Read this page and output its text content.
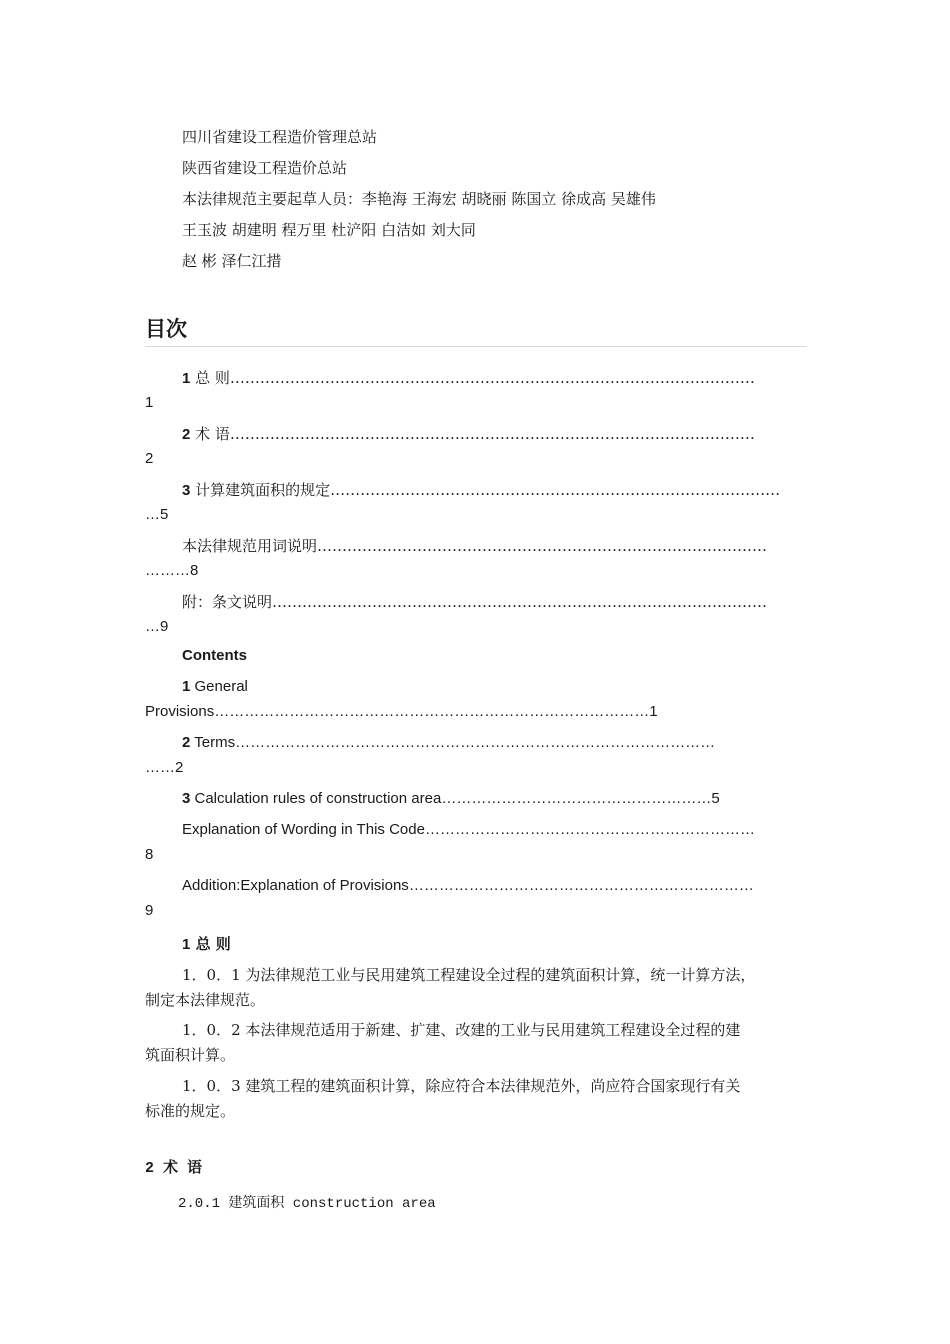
四川省建设工程造价管理总站
陕西省建设工程造价总站
本法律规范主要起草人员：李艳海 王海宏 胡晓丽 陈国立 徐成高 吴雄伟
王玉波 胡建明 程万里 杜浐阳 白洁如 刘大同
赵 彬 泽仁江措
目次
1 总 则……………………………………………………………………………………………
1
2 术 语……………………………………………………………………………………………
2
3 计算建筑面积的规定………………………………………………………………………………
…5
本法律规范用词说明………………………………………………………………………………
………8
附：条文说明………………………………………………………………………………………
…9
Contents
1 General
Provisions……………………………………………………………………………1
2 Terms……………………………………………………………………………………
……2
3 Calculation rules of construction area………………………………………………5
Explanation of Wording in This Code…………………………………………………………
8
Addition:Explanation of Provisions……………………………………………………………
9
1 总 则
1．0．1 为法律规范工业与民用建筑工程建设全过程的建筑面积计算，统一计算方法，
制定本法律规范。
1．0．2 本法律规范适用于新建、扩建、改建的工业与民用建筑工程建设全过程的建
筑面积计算。
1．0．3 建筑工程的建筑面积计算，除应符合本法律规范外，尚应符合国家现行有关
标准的规定。
2 术 语
2.0.1 建筑面积 construction area
